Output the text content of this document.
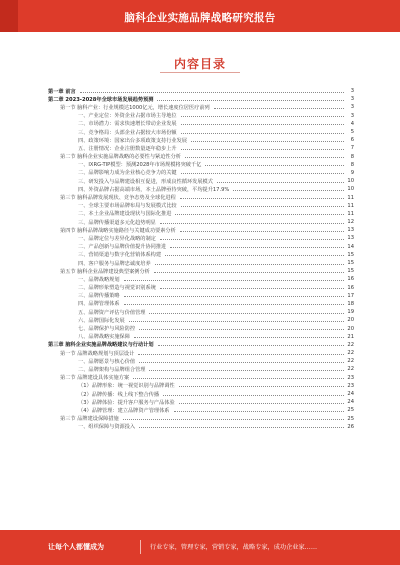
脑科企业实施品牌战略研究报告
内容目录
第一章 前言	3
第二章 2023-2028年全球市场发展趋势预测	3
第一节 脑科产业：行业规模达1000亿元，增长速度位居医疗前列	3
一、产业定位：外资企业占据市场主导地位	3
二、市场潜力：需求快速增长带动企业发展	4
三、竞争格局：头部企业占据较大市场份额	5
四、政策环境：国家出台多项政策支持行业发展	6
五、注册情况：企业注册数量逐年稳步上升	7
第二节 脑科企业实施品牌战略的必要性与紧迫性分析	8
一、IXRG-TIP模型：预测2028年市场规模将突破千亿	8
二、品牌影响力成为企业核心竞争力的关键	9
三、研发投入与品牌建设相互促进，形成良性循环发展模式	10
四、外资品牌占据高端市场，本土品牌亟待突破，平均提升17.9%	10
第三节 脑科品牌发展现状、竞争态势及全球化进程	11
一、全球主要市场品牌布局与发展模式比较	11
二、本土企业品牌建设现状与国际化推进	11
三、品牌传播渠道多元化趋势明显	12
第四节 脑科品牌战略实施路径与关键成功要素分析	13
一、品牌定位与差异化战略的制定	13
二、产品创新与品牌价值提升协同推进	14
三、营销渠道与数字化营销体系构建	15
四、客户服务与品牌忠诚度培养	15
第五节 脑科企业品牌建设典型案例分析	15
一、品牌战略规划	16
二、品牌形象塑造与视觉识别系统	16
三、品牌传播策略	17
四、品牌管理体系	18
五、品牌资产评估与价值管理	19
六、品牌国际化发展	20
七、品牌保护与风险防控	20
八、品牌战略实施保障	21
第三章 脑科企业实施品牌战略建议与行动计划	22
第一节 品牌战略规划与顶层设计	22
一、品牌愿景与核心价值	22
二、品牌架构与品牌组合管理	22
第二节 品牌建设具体实施方案	23
（1）品牌形象：统一视觉识别与品牌调性	23
（2）品牌传播：线上线下整合传播	24
（3）品牌体验：提升客户服务与产品体验	24
（4）品牌管理：建立品牌资产管理体系	25
第三节 品牌建设保障措施	25
一、组织保障与资源投入	26
让每个人都懂成为	行业专家，管理专家，营销专家，战略专家，成功企业家……
